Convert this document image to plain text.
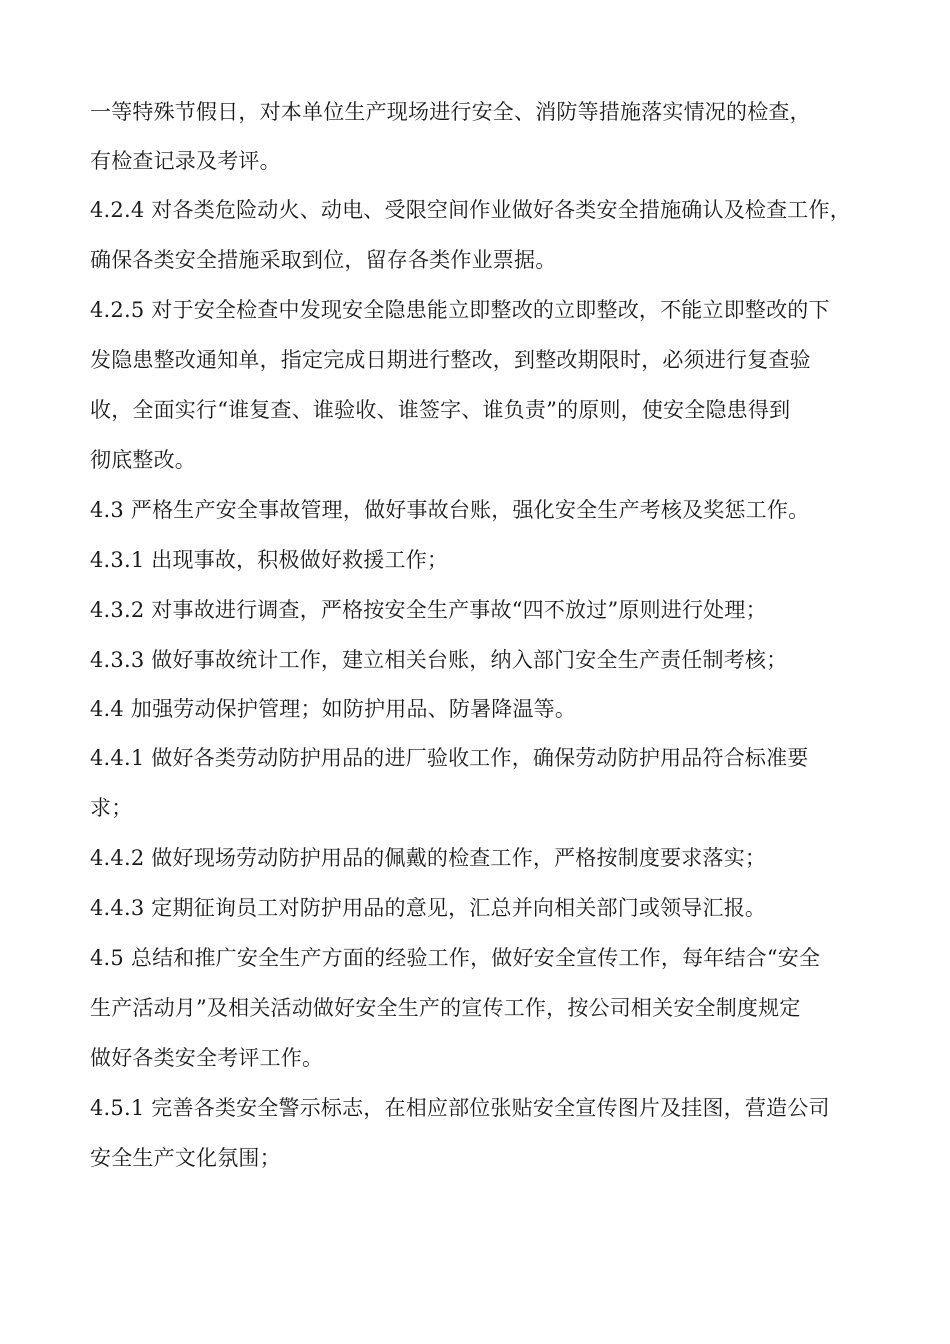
一等特殊节假日，对本单位生产现场进行安全、消防等措施落实情况的检查，
有检查记录及考评。
4.2.4 对各类危险动火、动电、受限空间作业做好各类安全措施确认及检查工作，
确保各类安全措施采取到位，留存各类作业票据。
4.2.5 对于安全检查中发现安全隐患能立即整改的立即整改，不能立即整改的下
发隐患整改通知单，指定完成日期进行整改，到整改期限时，必须进行复查验
收，全面实行“谁复查、谁验收、谁签字、谁负责”的原则，使安全隐患得到
彻底整改。
4.3 严格生产安全事故管理，做好事故台账，强化安全生产考核及奖惩工作。
4.3.1 出现事故，积极做好救援工作；
4.3.2 对事故进行调查，严格按安全生产事故“四不放过”原则进行处理；
4.3.3 做好事故统计工作，建立相关台账，纳入部门安全生产责任制考核；
4.4 加强劳动保护管理；如防护用品、防暑降温等。
4.4.1 做好各类劳动防护用品的进厂验收工作，确保劳动防护用品符合标准要
求；
4.4.2 做好现场劳动防护用品的佩戴的检查工作，严格按制度要求落实；
4.4.3 定期征询员工对防护用品的意见，汇总并向相关部门或领导汇报。
4.5 总结和推广安全生产方面的经验工作，做好安全宣传工作，每年结合“安全
生产活动月”及相关活动做好安全生产的宣传工作，按公司相关安全制度规定
做好各类安全考评工作。
4.5.1 完善各类安全警示标志，在相应部位张贴安全宣传图片及挂图，营造公司
安全生产文化氛围；
